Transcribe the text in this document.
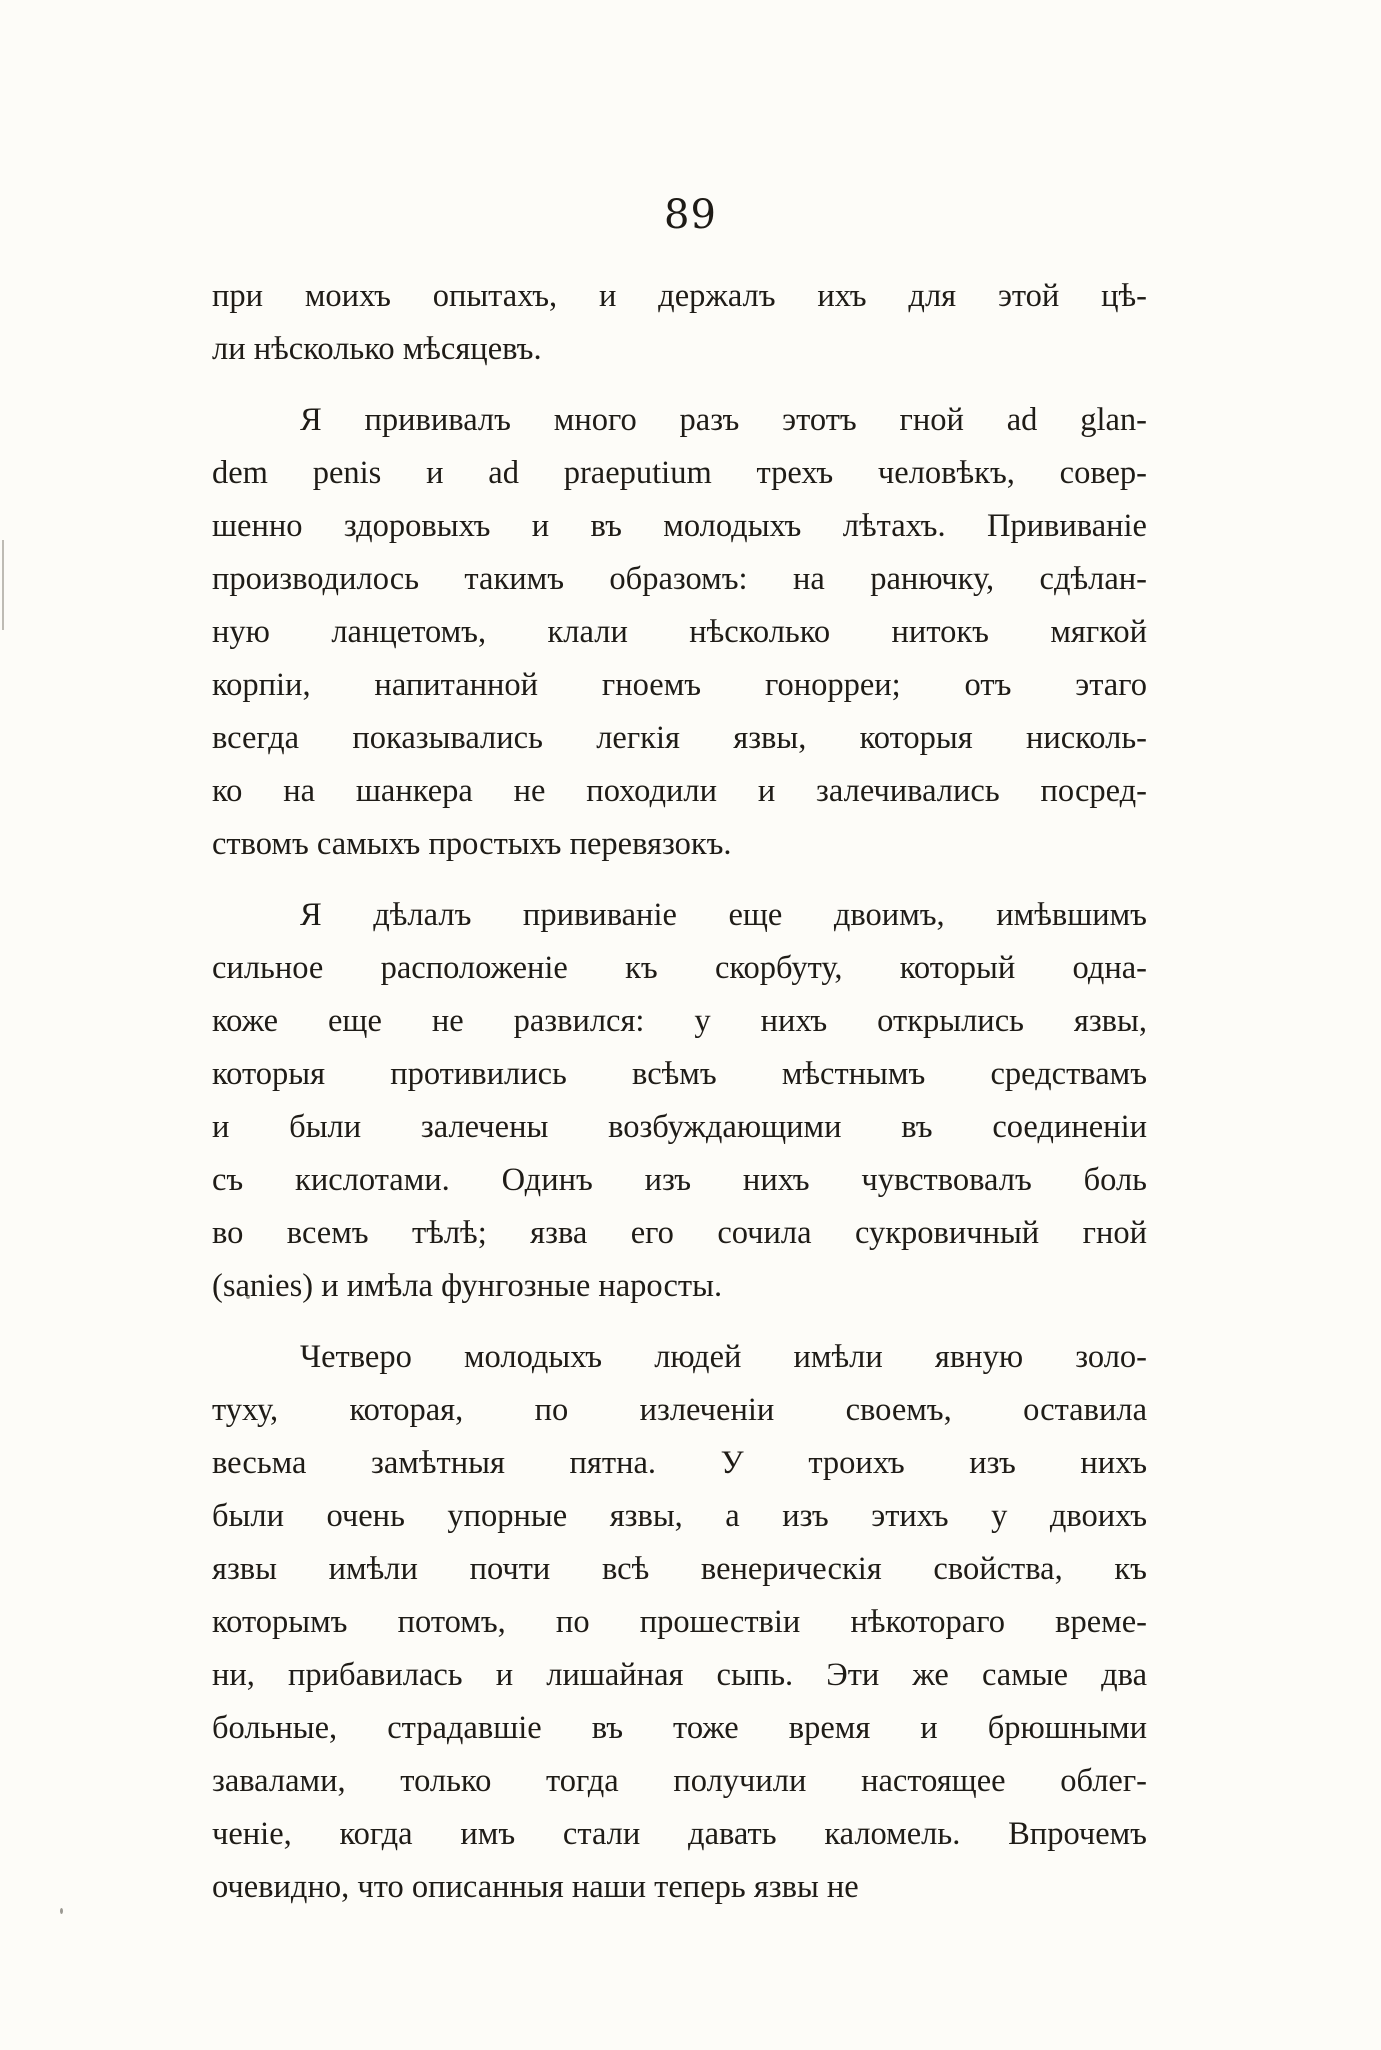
89
при моихъ опытахъ, и держалъ ихъ для этой цѣ-
ли нѣсколько мѣсяцевъ.
Я прививалъ много разъ этотъ гной ad glan-
dem penis и ad praeputium трехъ человѣкъ, совер-
шенно здоровыхъ и въ молодыхъ лѣтахъ. Прививаніе
производилось такимъ образомъ: на ранючку, сдѣлан-
ную ланцетомъ, клали нѣсколько нитокъ мягкой
корпіи, напитанной гноемъ гонорреи; отъ этаго
всегда показывались легкія язвы, которыя нисколь-
ко на шанкера не походили и залечивались посред-
ствомъ самыхъ простыхъ перевязокъ.
Я дѣлалъ прививаніе еще двоимъ, имѣвшимъ
сильное расположеніе къ скорбуту, который одна-
коже еще не развился: у нихъ открылись язвы,
которыя противились всѣмъ мѣстнымъ средствамъ
и были залечены возбуждающими въ соединеніи
съ кислотами. Одинъ изъ нихъ чувствовалъ боль
во всемъ тѣлѣ; язва его сочила сукровичный гной
(sanies) и имѣла фунгозные наросты.
Четверо молодыхъ людей имѣли явную золо-
туху, которая, по излеченіи своемъ, оставила
весьма замѣтныя пятна. У троихъ изъ нихъ
были очень упорные язвы, а изъ этихъ у двоихъ
язвы имѣли почти всѣ венерическія свойства, къ
которымъ потомъ, по прошествіи нѣкотораго време-
ни, прибавилась и лишайная сыпь. Эти же самые два
больные, страдавшіе въ тоже время и брюшными
завалами, только тогда получили настоящее облег-
ченіе, когда имъ стали давать каломель. Впрочемъ
очевидно, что описанныя наши теперь язвы не
